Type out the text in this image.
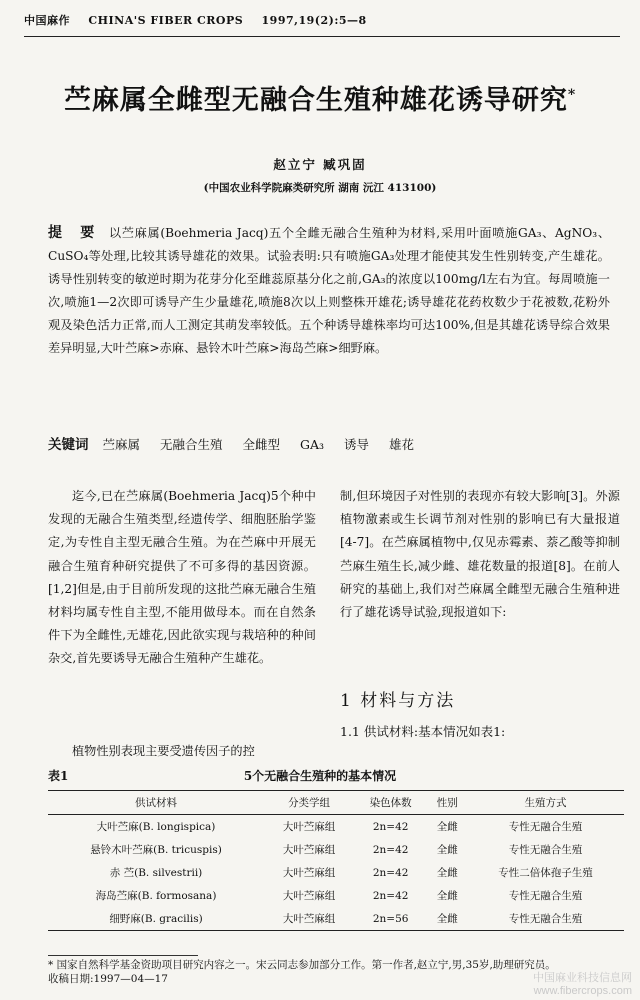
中国麻作 CHINA'S FIBER CROPS 1997,19(2):5—8
苎麻属全雌型无融合生殖种雄花诱导研究*
赵立宁 臧巩固
(中国农业科学院麻类研究所 湖南 沅江 413100)
提 要 以苎麻属(Boehmeria Jacq)五个全雌无融合生殖种为材料,采用叶面喷施GA₃、AgNO₃、CuSO₄等处理,比较其诱导雄花的效果。试验表明:只有喷施GA₃处理才能使其发生性别转变,产生雄花。诱导性别转变的敏逆时期为花芽分化至雌蕊原基分化之前,GA₃的浓度以100mg/l左右为宜。每周喷施一次,喷施1—2次即可诱导产生少量雄花,喷施8次以上则整株开雄花;诱导雄花花药枚数少于花被数,花粉外观及染色活力正常,而人工测定其萌发率较低。五个种诱导雄株率均可达100%,但是其雄花诱导综合效果差异明显,大叶苎麻>赤麻、悬铃木叶苎麻>海岛苎麻>细野麻。
关键词 苎麻属 无融合生殖 全雌型 GA₃ 诱导 雄花
迄今,已在苎麻属(Boehmeria Jacq)5个种中发现的无融合生殖类型,经遗传学、细胞胚胎学鉴定,为专性自主型无融合生殖。为在苎麻中开展无融合生殖育种研究提供了不可多得的基因资源。[1,2]但是,由于目前所发现的这批苎麻无融合生殖材料均属专性自主型,不能用做母本。而在自然条件下为全雌性,无雄花,因此欲实现与栽培种的种间杂交,首先要诱导无融合生殖种产生雄花。
植物性别表现主要受遗传因子的控
制,但环境因子对性别的表现亦有较大影响[3]。外源植物激素或生长调节剂对性别的影响已有大量报道[4-7]。在苎麻属植物中,仅见赤霉素、萘乙酸等抑制苎麻生殖生长,减少雌、雄花数量的报道[8]。在前人研究的基础上,我们对苎麻属全雌型无融合生殖种进行了雄花诱导试验,现报道如下:
1 材料与方法
1.1 供试材料:基本情况如表1:
表1	5个无融合生殖种的基本情况
供试材料	分类学组	染色体数	性别	生殖方式
大叶苎麻(B. longispica)	大叶苎麻组	2n=42	全雌	专性无融合生殖
悬铃木叶苎麻(B. tricuspis)	大叶苎麻组	2n=42	全雌	专性无融合生殖
赤 苎(B. silvestrii)	大叶苎麻组	2n=42	全雌	专性二倍体孢子生殖
海岛苎麻(B. formosana)	大叶苎麻组	2n=42	全雌	专性无融合生殖
细野麻(B. gracilis)	大叶苎麻组	2n=56	全雌	专性无融合生殖
* 国家自然科学基金资助项目研究内容之一。宋云同志参加部分工作。第一作者,赵立宁,男,35岁,助理研究员。
收稿日期:1997—04—17	中国麻业科技信息网
www.fibercrops.com
